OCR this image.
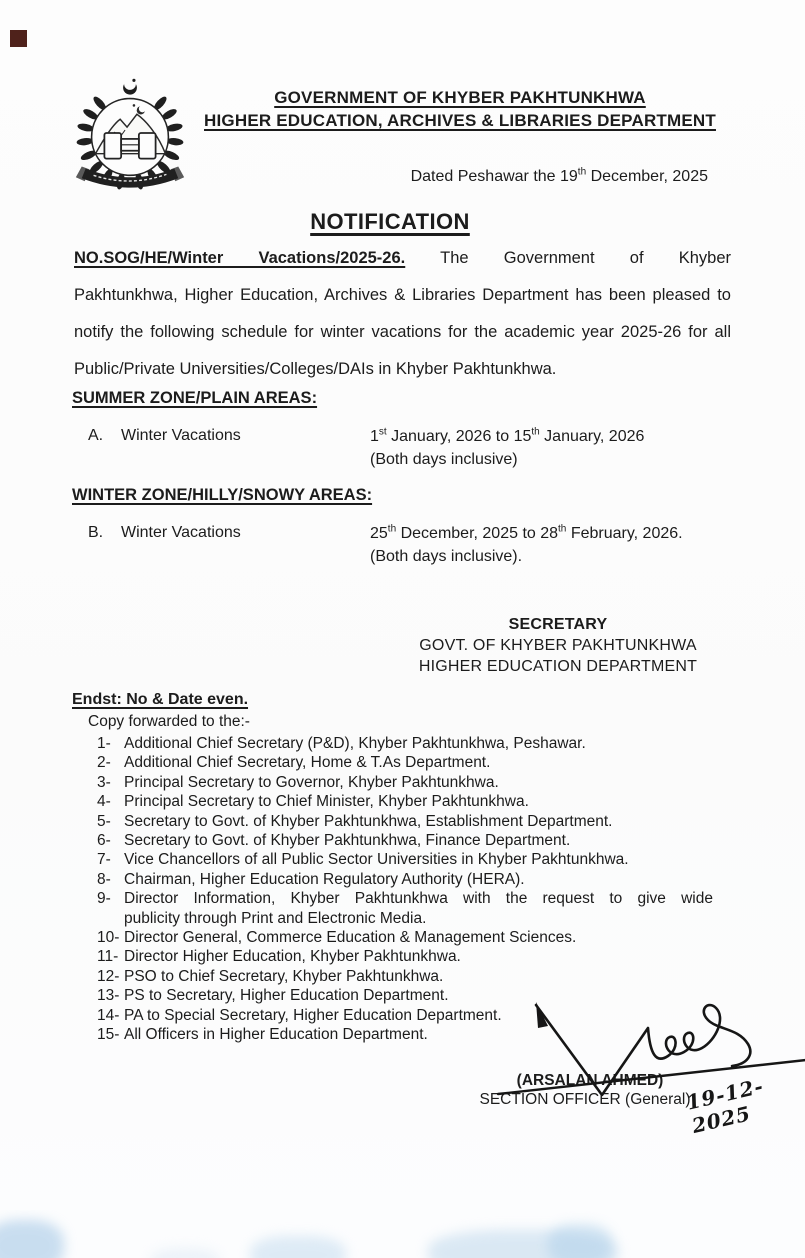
GOVERNMENT OF KHYBER PAKHTUNKHWA
HIGHER EDUCATION, ARCHIVES & LIBRARIES DEPARTMENT
Dated Peshawar the 19th December, 2025
NOTIFICATION
NO.SOG/HE/Winter Vacations/2025-26. The Government of Khyber
Pakhtunkhwa, Higher Education, Archives & Libraries Department has been pleased to notify the following schedule for winter vacations for the academic year 2025-26 for all Public/Private Universities/Colleges/DAIs in Khyber Pakhtunkhwa.
SUMMER ZONE/PLAIN AREAS:
A. Winter Vacations	1st January, 2026 to 15th January, 2026
(Both days inclusive)
WINTER ZONE/HILLY/SNOWY AREAS:
B. Winter Vacations	25th December, 2025 to 28th February, 2026.
(Both days inclusive).
SECRETARY
GOVT. OF KHYBER PAKHTUNKHWA
HIGHER EDUCATION DEPARTMENT
Endst: No & Date even.
Copy forwarded to the:-
1- Additional Chief Secretary (P&D), Khyber Pakhtunkhwa, Peshawar.
2- Additional Chief Secretary, Home & T.As Department.
3- Principal Secretary to Governor, Khyber Pakhtunkhwa.
4- Principal Secretary to Chief Minister, Khyber Pakhtunkhwa.
5- Secretary to Govt. of Khyber Pakhtunkhwa, Establishment Department.
6- Secretary to Govt. of Khyber Pakhtunkhwa, Finance Department.
7- Vice Chancellors of all Public Sector Universities in Khyber Pakhtunkhwa.
8- Chairman, Higher Education Regulatory Authority (HERA).
9- Director Information, Khyber Pakhtunkhwa with the request to give wide
publicity through Print and Electronic Media.
10- Director General, Commerce Education & Management Sciences.
11- Director Higher Education, Khyber Pakhtunkhwa.
12- PSO to Chief Secretary, Khyber Pakhtunkhwa.
13- PS to Secretary, Higher Education Department.
14- PA to Special Secretary, Higher Education Department.
15- All Officers in Higher Education Department.
(ARSALAN AHMED)
SECTION OFFICER (General)
19-12-2025
